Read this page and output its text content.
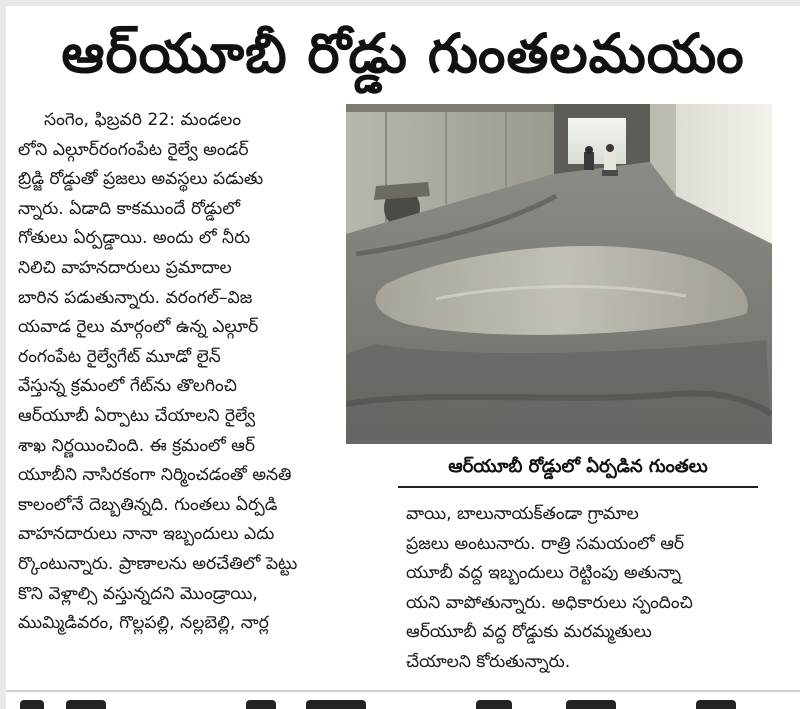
ఆర్‌యూబీ రోడ్డు గుంతలమయం
సంగెం, ఫిబ్రవరి 22: మండలం
లోని ఎల్గూర్‌రంగంపేట రైల్వే అండర్
బ్రిడ్జి రోడ్డుతో ప్రజలు అవస్థలు పడుతు
న్నారు. ఏడాది కాకముందే రోడ్డులో
గోతులు ఏర్పడ్డాయి. అందు లో నీరు
నిలిచి వాహనదారులు ప్రమాదాల
బారిన పడుతున్నారు. వరంగల్–విజ
యవాడ రైలు మార్గంలో ఉన్న ఎల్గూర్
రంగంపేట రైల్వేగేట్ మూడో లైన్
వేస్తున్న క్రమంలో గేట్‌ను తొలగించి
ఆర్‌యూబీ ఏర్పాటు చేయాలని రైల్వే
శాఖ నిర్ణయించింది. ఈ క్రమంలో ఆర్
యూబీని నాసిరకంగా నిర్మించడంతో అనతి
కాలంలోనే దెబ్బతిన్నది. గుంతలు ఏర్పడి
వాహనదారులు నానా ఇబ్బందులు ఎదు
ర్కొంటున్నారు. ప్రాణాలను అరచేతిలో పెట్టు
కొని వెళ్లాల్సి వస్తున్నదని మొండ్రాయి,
ముమ్మిడివరం, గొల్లపల్లి, నల్లబెల్లి, నార్ల
ఆర్‌యూబీ రోడ్డులో ఏర్పడిన గుంతలు
వాయి, బాలునాయక్‌తండా గ్రామాల
ప్రజలు అంటునారు. రాత్రి సమయంలో ఆర్
యూబీ వద్ద ఇబ్బందులు రెట్టింపు అతున్నా
యని వాపోతున్నారు. అధికారులు స్పందించి
ఆర్‌యూబీ వద్ద రోడ్డుకు మరమ్మతులు
చేయాలని కోరుతున్నారు.
